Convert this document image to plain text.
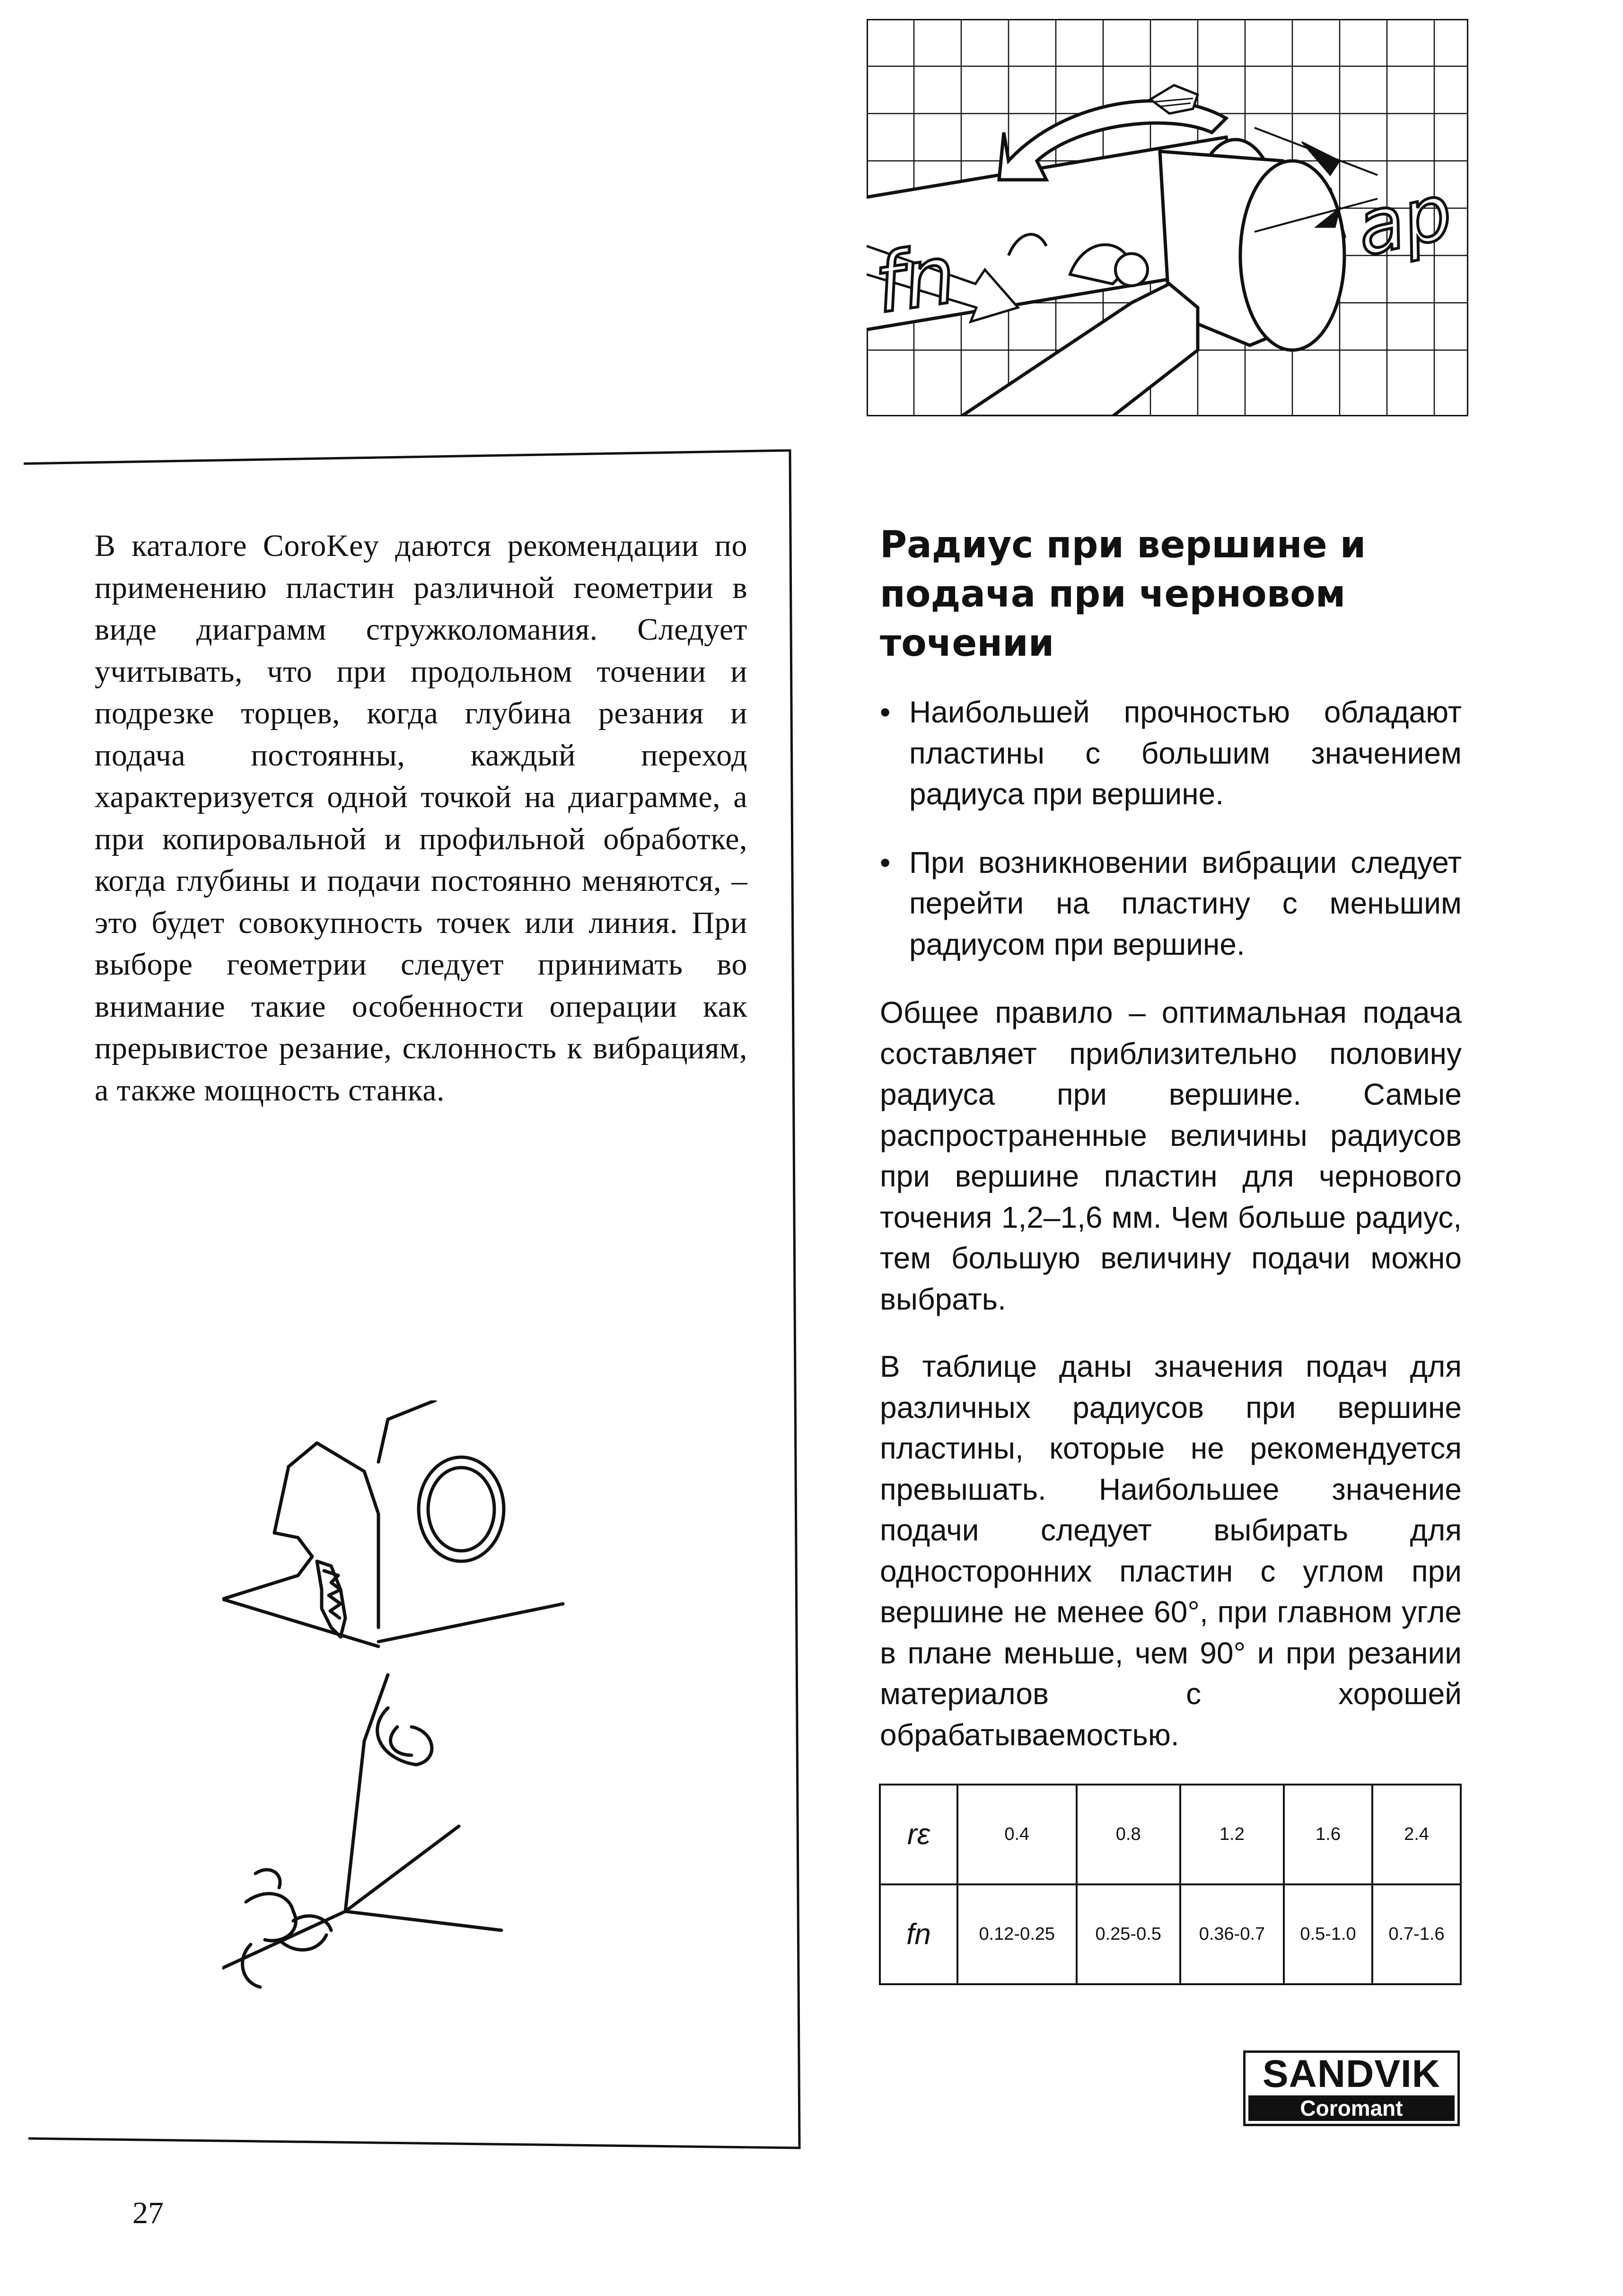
fn
ap

В каталоге CoroKey даются рекомендации по применению пластин различной геометрии в виде диаграмм стружколомания. Следует учитывать, что при продольном точении и подрезке торцев, когда глубина резания и подача постоянны, каждый переход характеризуется одной точкой на диаграмме, а при копировальной и профильной обработке, когда глубины и подачи постоянно меняются, – это будет совокупность точек или линия. При выборе геометрии следует принимать во внимание такие особенности операции как прерывистое резание, склонность к вибрациям, а также мощность станка.

Радиус при вершине и подача при черновом точении
• Наибольшей прочностью обладают пластины с большим значением радиуса при вершине.
• При возникновении вибрации следует перейти на пластину с меньшим радиусом при вершине.

Общее правило – оптимальная подача составляет приблизительно половину радиуса при вершине. Самые распространенные величины радиусов при вершине пластин для чернового точения 1,2–1,6 мм. Чем больше радиус, тем большую величину подачи можно выбрать.

В таблице даны значения подач для различных радиусов при вершине пластины, которые не рекомендуется превышать. Наибольшее значение подачи следует выбирать для односторонних пластин с углом при вершине не менее 60°, при главном угле в плане меньше, чем 90° и при резании материалов с хорошей обрабатываемостью.

rε	0.4	0.8	1.2	1.6	2.4
fn	0.12-0.25	0.25-0.5	0.36-0.7	0.5-1.0	0.7-1.6
SANDVIK
Coromant
27
